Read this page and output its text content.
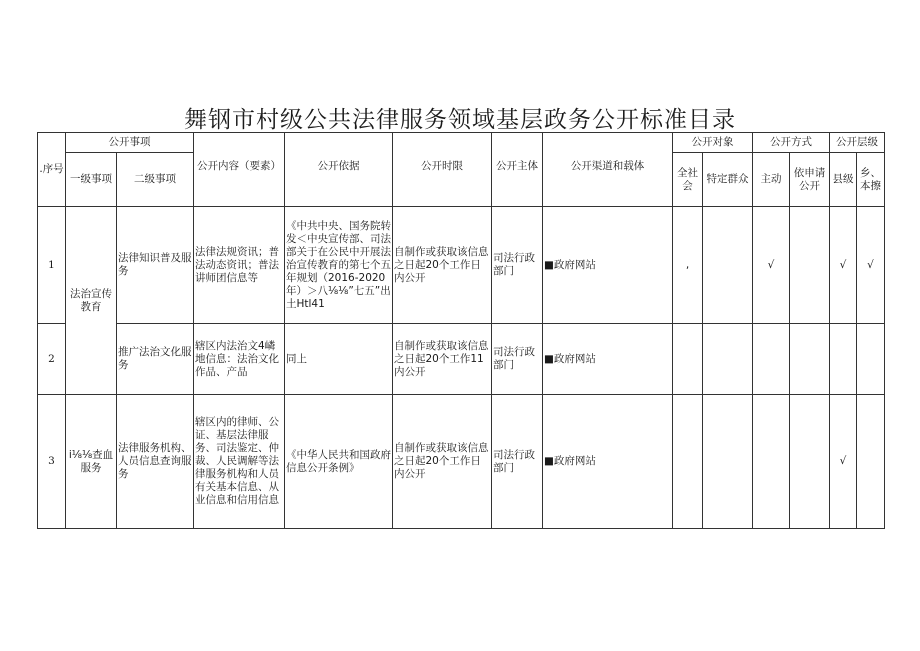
舞钢市村级公共法律服务领域基层政务公开标准目录
.序号	公开事项		公开内容（要素）	公开依据	公开时限	公开主体	公开渠道和载体	公开对象		公开方式		公开层级	
	一级事项	二级事项						全社会	特定群众	主动	依申请公开	县级	乡、本擦
1	法治宣传教育	法律知识普及服务	法律法规资讯；普法动态资讯；普法讲师团信息等	《中共中央、国务院转发＜中央宣传部、司法部关于在公民中开展法治宣传教育的第七个五年规划（2016-2020年）＞八⅛⅛”七五”出土Htl41	自制作或获取该信息之日起20个工作日内公开	司法行政部门	■政府网站	,		√		√	√
2		推广法治文化服务	辖区内法治文4嶙地信息：法治文化作品、产品	同上	自制作或获取该信息之日起20个工作11内公开	司法行政部门	■政府网站						
3	i⅛⅛查血服务	法律服务机构、人员信息查询服务	辖区内的律师、公证、基层法律服务、司法鉴定、仲裁、人民调解等法律服务机构和人员有关基本信息、从业信息和信用信息	《中华人民共和国政府信息公开条例》	自制作或获取该信息之日起20个工作日内公开	司法行政部门	■政府网站					√	
